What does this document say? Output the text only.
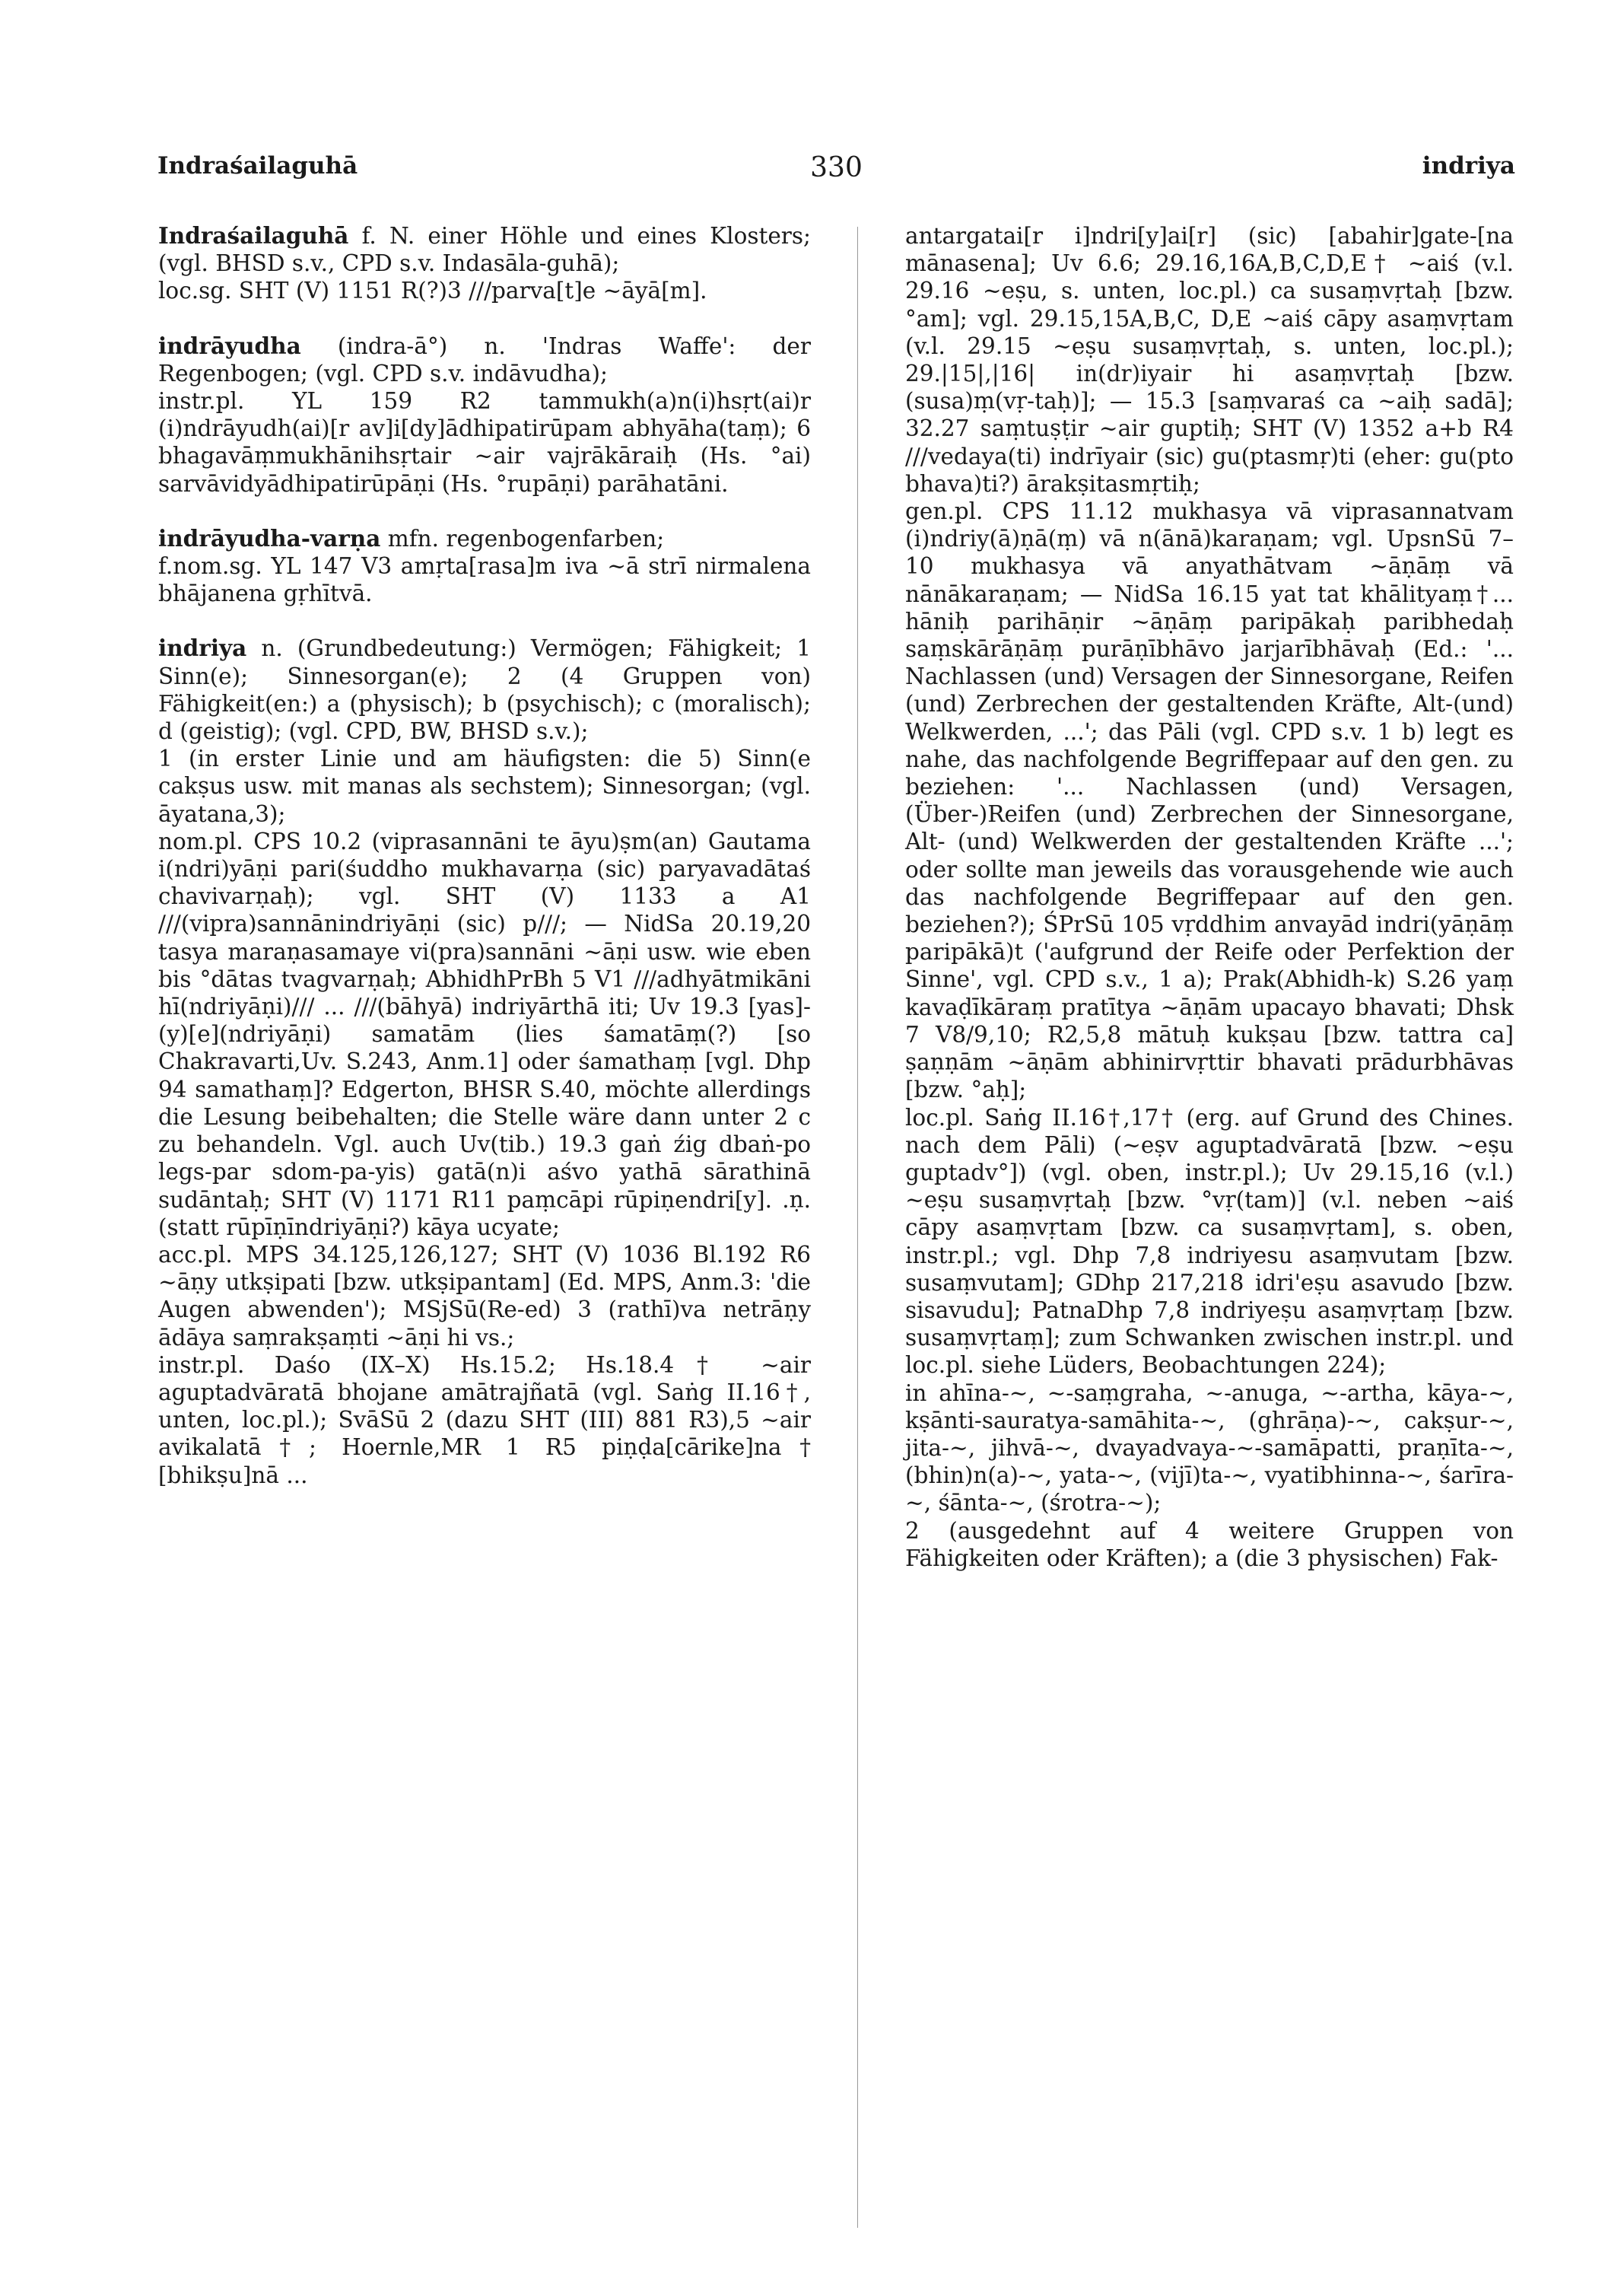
Indraśailaguhā	330	indriya

Indraśailaguhā f. N. einer Höhle und eines Klosters; (vgl. BHSD s.v., CPD s.v. Indasāla-guhā);
loc.sg. SHT (V) 1151 R(?)3 ///parva[t]e ~āyā[m].

indrāyudha (indra-ā°) n. 'Indras Waffe': der Regenbogen; (vgl. CPD s.v. indāvudha);
instr.pl. YL 159 R2 tammukh(a)n(i)hsṛt(ai)r (i)ndrāyudh(ai)[r av]i[dy]ādhipatirūpam abhyāha(taṃ); 6 bhagavāṃmukhānihsṛtair ~air vajrākāraiḥ (Hs. °ai) sarvāvidyādhipatirūpāṇi (Hs. °rupāṇi) parāhatāni.

indrāyudha-varṇa mfn. regenbogenfarben;
f.nom.sg. YL 147 V3 amṛta[rasa]m iva ~ā strī nirmalena bhājanena gṛhītvā.

indriya n. (Grundbedeutung:) Vermögen; Fähigkeit; 1 Sinn(e); Sinnesorgan(e); 2 (4 Gruppen von) Fähigkeit(en:) a (physisch); b (psychisch); c (moralisch); d (geistig); (vgl. CPD, BW, BHSD s.v.);
1 (in erster Linie und am häufigsten: die 5) Sinn(e cakṣus usw. mit manas als sechstem); Sinnesorgan; (vgl. āyatana,3);
nom.pl. CPS 10.2 (viprasannāni te āyu)ṣm(an) Gautama i(ndri)yāṇi pari(śuddho mukhavarṇa (sic) paryavadātaś chavivarṇaḥ); vgl. SHT (V) 1133 a A1 ///(vipra)sannānindriyāṇi (sic) p///; — NidSa 20.19,20 tasya maraṇasamaye vi(pra)sannāni ~āṇi usw. wie eben bis °dātas tvagvarṇaḥ; AbhidhPrBh 5 V1 ///adhyātmikāni hī(ndriyāṇi)/// ... ///(bāhyā) indriyārthā iti; Uv 19.3 [yas]-(y)[e](ndriyāṇi) samatām (lies śamatāṃ(?) [so Chakravarti,Uv. S.243, Anm.1] oder śamathaṃ [vgl. Dhp 94 samathaṃ]? Edgerton, BHSR S.40, möchte allerdings die Lesung beibehalten; die Stelle wäre dann unter 2 c zu behandeln. Vgl. auch Uv(tib.) 19.3 gaṅ źig dbaṅ-po legs-par sdom-pa-yis) gatā(n)i aśvo yathā sārathinā sudāntaḥ; SHT (V) 1171 R11 paṃcāpi rūpiṇendri[y]. .ṇ. (statt rūpīṇīndriyāṇi?) kāya ucyate;
acc.pl. MPS 34.125,126,127; SHT (V) 1036 Bl.192 R6 ~āṇy utkṣipati [bzw. utkṣipantam] (Ed. MPS, Anm.3: 'die Augen abwenden'); MSjSū(Re-ed) 3 (rathī)va netrāṇy ādāya saṃrakṣaṃti ~āṇi hi vs.;
instr.pl. Daśo (IX–X) Hs.15.2; Hs.18.4† ~air aguptadvāratā bhojane amātrajñatā (vgl. Saṅg II.16†, unten, loc.pl.); SvāSū 2 (dazu SHT (III) 881 R3),5 ~air avikalatā†; Hoernle,MR 1 R5 piṇḍa[cārike]na† [bhikṣu]nā ...

antargatai[r i]ndri[y]ai[r] (sic) [abahir]gate-[na mānasena]; Uv 6.6; 29.16,16A,B,C,D,E† ~aiś (v.l. 29.16 ~eṣu, s. unten, loc.pl.) ca susaṃvṛtaḥ [bzw. °am]; vgl. 29.15,15A,B,C, D,E ~aiś cāpy asaṃvṛtam (v.l. 29.15 ~eṣu susaṃvṛtaḥ, s. unten, loc.pl.); 29.|15|,|16| in(dr)iyair hi asaṃvṛtaḥ [bzw. (susa)ṃ(vṛ-taḥ)]; — 15.3 [saṃvaraś ca ~aiḥ sadā]; 32.27 saṃtuṣṭir ~air guptiḥ; SHT (V) 1352 a+b R4 ///vedaya(ti) indrīyair (sic) gu(ptasmṛ)ti (eher: gu(pto bhava)ti?) ārakṣitasmṛtiḥ;
gen.pl. CPS 11.12 mukhasya vā viprasannatvam (i)ndriy(ā)ṇā(ṃ) vā n(ānā)karaṇam; vgl. UpsnSū 7–10 mukhasya vā anyathātvam ~āṇāṃ vā nānākaraṇam; — NidSa 16.15 yat tat khālityaṃ†... hāniḥ parihāṇir ~āṇāṃ paripākaḥ paribhedaḥ saṃskārāṇāṃ purāṇībhāvo jarjarībhāvaḥ (Ed.: '... Nachlassen (und) Versagen der Sinnesorgane, Reifen (und) Zerbrechen der gestaltenden Kräfte, Alt-(und) Welkwerden, ...'; das Pāli (vgl. CPD s.v. 1 b) legt es nahe, das nachfolgende Begriffepaar auf den gen. zu beziehen: '... Nachlassen (und) Versagen, (Über-)Reifen (und) Zerbrechen der Sinnesorgane, Alt- (und) Welkwerden der gestaltenden Kräfte ...'; oder sollte man jeweils das vorausgehende wie auch das nachfolgende Begriffepaar auf den gen. beziehen?); ŚPrSū 105 vṛddhim anvayād indri(yāṇāṃ paripākā)t ('aufgrund der Reife oder Perfektion der Sinne', vgl. CPD s.v., 1 a); Prak(Abhidh-k) S.26 yaṃ kavaḍīkāraṃ pratītya ~āṇām upacayo bhavati; Dhsk 7 V8/9,10; R2,5,8 mātuḥ kukṣau [bzw. tattra ca] ṣaṇṇām ~āṇām abhinirvṛttir bhavati prādurbhāvas [bzw. °aḥ];
loc.pl. Saṅg II.16†,17† (erg. auf Grund des Chines. nach dem Pāli) (~eṣv aguptadvāratā [bzw. ~eṣu guptadv°]) (vgl. oben, instr.pl.); Uv 29.15,16 (v.l.) ~eṣu susaṃvṛtaḥ [bzw. °vṛ(tam)] (v.l. neben ~aiś cāpy asaṃvṛtam [bzw. ca susaṃvṛtam], s. oben, instr.pl.; vgl. Dhp 7,8 indriyesu asaṃvutam [bzw. susaṃvutam]; GDhp 217,218 idri'eṣu asavudo [bzw. sisavudu]; PatnaDhp 7,8 indriyeṣu asaṃvṛtaṃ [bzw. susaṃvṛtaṃ]; zum Schwanken zwischen instr.pl. und loc.pl. siehe Lüders, Beobachtungen 224);
in ahīna-~, ~-saṃgraha, ~-anuga, ~-artha, kāya-~, kṣānti-sauratya-samāhita-~, (ghrāṇa)-~, cakṣur-~, jita-~, jihvā-~, dvayadvaya-~-samāpatti, praṇīta-~, (bhin)n(a)-~, yata-~, (vijī)ta-~, vyatibhinna-~, śarīra-~, śānta-~, (śrotra-~);
2 (ausgedehnt auf 4 weitere Gruppen von Fähigkeiten oder Kräften); a (die 3 physischen) Fak-
